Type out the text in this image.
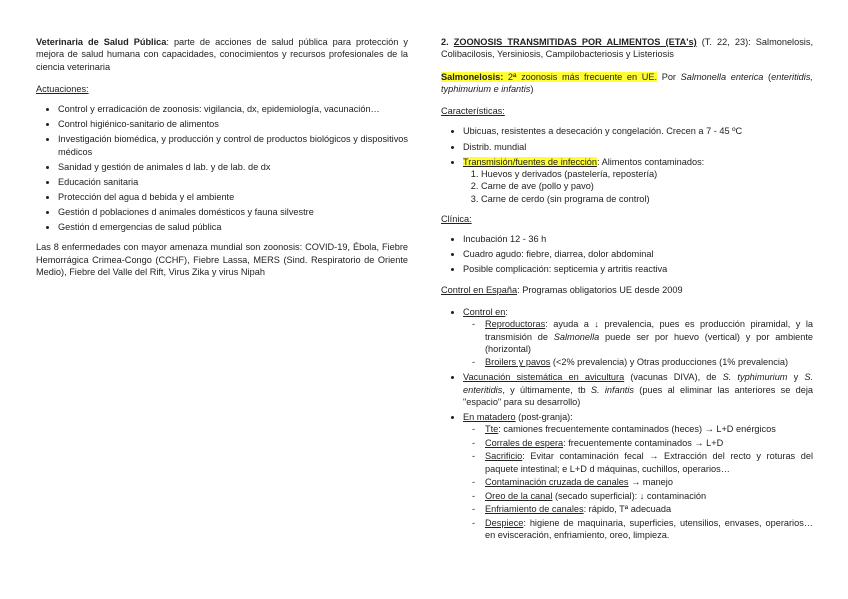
Veterinaria de Salud Pública: parte de acciones de salud pública para protección y mejora de salud humana con capacidades, conocimientos y recursos profesionales de la ciencia veterinaria

Actuaciones:

• Control y erradicación de zoonosis: vigilancia, dx, epidemiología, vacunación…
• Control higiénico-sanitario de alimentos
• Investigación biomédica, y producción y control de productos biológicos y dispositivos médicos
• Sanidad y gestión de animales d lab. y de lab. de dx
• Educación sanitaria
• Protección del agua d bebida y el ambiente
• Gestión d poblaciones d animales domésticos y fauna silvestre
• Gestión d emergencias de salud pública

Las 8 enfermedades con mayor amenaza mundial son zoonosis: COVID-19, Ébola, Fiebre Hemorrágica Crimea-Congo (CCHF), Fiebre Lassa, MERS (Sind. Respiratorio de Oriente Medio), Fiebre del Valle del Rift, Virus Zika y virus Nipah

2. ZOONOSIS TRANSMITIDAS POR ALIMENTOS (ETA's) (T. 22, 23): Salmonelosis, Colibacilosis, Yersiniosis, Campilobacteriosis y Listeriosis

Salmonelosis: 2ª zoonosis más frecuente en UE. Por Salmonella enterica (enteritidis, typhimurium e infantis)

Características:

• Ubicuas, resistentes a desecación y congelación. Crecen a 7 - 45 ºC
• Distrib. mundial
• Transmisión/fuentes de infección: Alimentos contaminados:
1. Huevos y derivados (pastelería, repostería)
2. Carne de ave (pollo y pavo)
3. Carne de cerdo (sin programa de control)

Clínica:

• Incubación 12 - 36 h
• Cuadro agudo: fiebre, diarrea, dolor abdominal
• Posible complicación: septicemia y artritis reactiva

Control en España: Programas obligatorios UE desde 2009

• Control en:
- Reproductoras: ayuda a ↓ prevalencia, pues es producción piramidal, y la transmisión de Salmonella puede ser por huevo (vertical) y por ambiente (horizontal)
- Broilers y pavos (<2% prevalencia) y Otras producciones (1% prevalencia)
• Vacunación sistemática en avicultura (vacunas DIVA), de S. typhimurium y S. enteritidis, y últimamente, tb S. infantis (pues al eliminar las anteriores se deja "espacio" para su desarrollo)
• En matadero (post-granja):
- Tte: camiones frecuentemente contaminados (heces) → L+D enérgicos
- Corrales de espera: frecuentemente contaminados → L+D
- Sacrificio: Evitar contaminación fecal → Extracción del recto y roturas del paquete intestinal; e L+D d máquinas, cuchillos, operarios…
- Contaminación cruzada de canales → manejo
- Oreo de la canal (secado superficial): ↓ contaminación
- Enfriamiento de canales: rápido, Tª adecuada
- Despiece: higiene de maquinaria, superficies, utensilios, envases, operarios… en evisceración, enfriamiento, oreo, limpieza.
